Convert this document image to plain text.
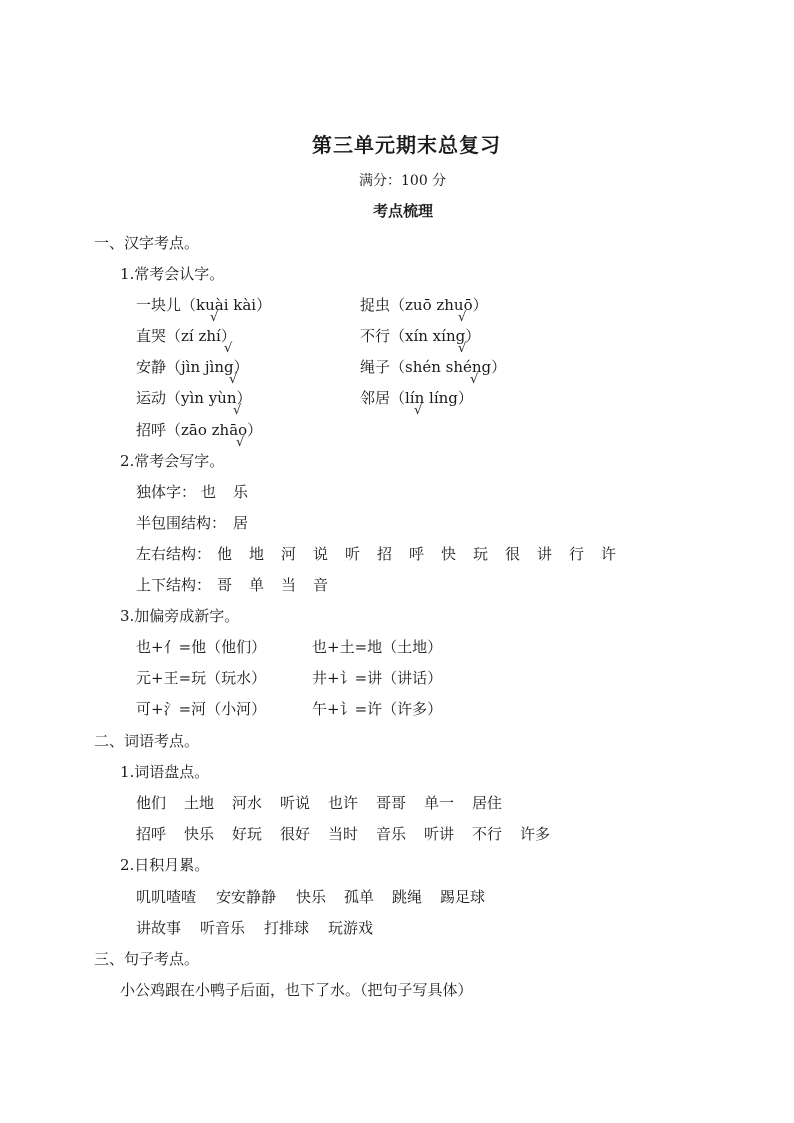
第三单元期末总复习
满分：100 分
考点梳理
一、汉字考点。
1.常考会认字。
一块儿（kuài kài）	捉虫（zuō zhuō）
直哭（zí zhí）	不行（xín xíng）
安静（jìn jìng）	绳子（shén shéng）
运动（yìn yùn）	邻居（lín líng）
招呼（zāo zhāo）
√	√
√	√
√	√
√	√
√
2.常考会写字。
独体字： 也 乐
半包围结构： 居
左右结构： 他 地 河 说 听 招 呼 快 玩 很 讲 行 许
上下结构： 哥 单 当 音
3.加偏旁成新字。
也+亻=他（他们）	也+土=地（土地）
元+王=玩（玩水）	井+讠=讲（讲话）
可+氵=河（小河）	午+讠=许（许多）
二、词语考点。
1.词语盘点。
他们 土地 河水 听说 也许 哥哥 单一 居住
招呼 快乐 好玩 很好 当时 音乐 听讲 不行 许多
2.日积月累。
叽叽喳喳 安安静静 快乐 孤单 跳绳 踢足球
讲故事 听音乐 打排球 玩游戏
三、句子考点。
小公鸡跟在小鸭子后面，也下了水。（把句子写具体）
